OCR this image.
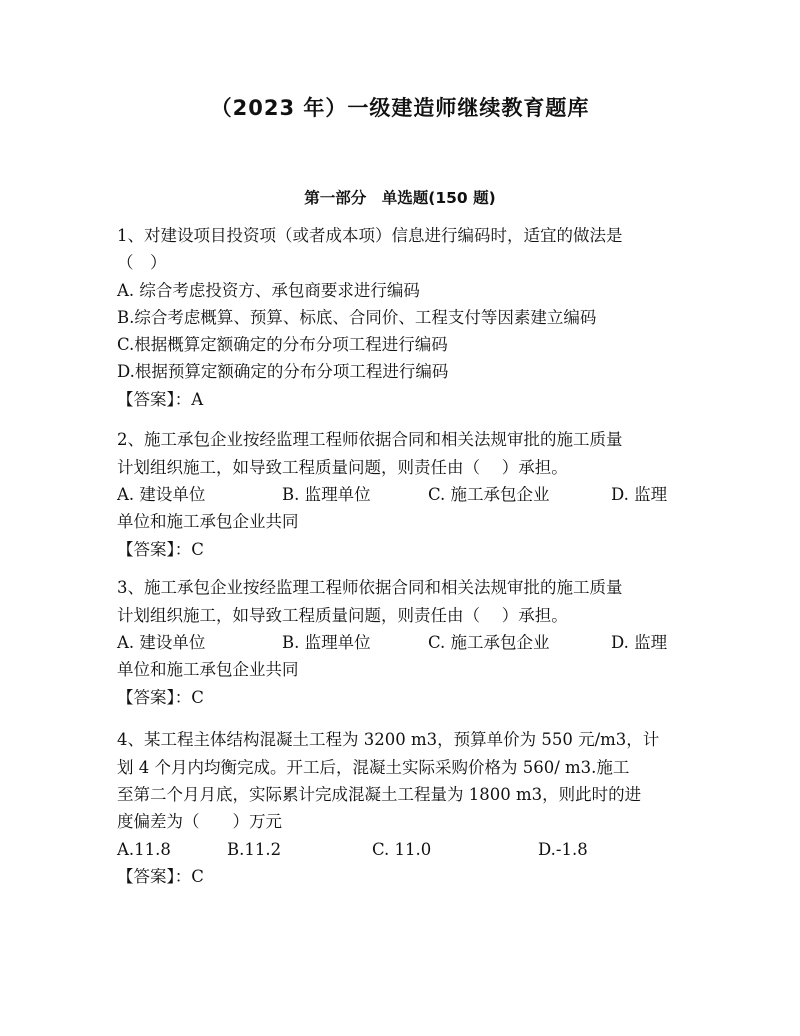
（2023 年）一级建造师继续教育题库
第一部分　单选题(150 题)
1、对建设项目投资项（或者成本项）信息进行编码时，适宜的做法是
（　）
A. 综合考虑投资方、承包商要求进行编码
B.综合考虑概算、预算、标底、合同价、工程支付等因素建立编码
C.根据概算定额确定的分布分项工程进行编码
D.根据预算定额确定的分布分项工程进行编码
【答案】：A
2、施工承包企业按经监理工程师依据合同和相关法规审批的施工质量
计划组织施工，如导致工程质量问题，则责任由（　 ）承担。
A. 建设单位	B. 监理单位	C. 施工承包企业	D. 监理
单位和施工承包企业共同
【答案】：C
3、施工承包企业按经监理工程师依据合同和相关法规审批的施工质量
计划组织施工，如导致工程质量问题，则责任由（　 ）承担。
A. 建设单位	B. 监理单位	C. 施工承包企业	D. 监理
单位和施工承包企业共同
【答案】：C
4、某工程主体结构混凝土工程为 3200 m3，预算单价为 550 元/m3，计
划 4 个月内均衡完成。开工后，混凝土实际采购价格为 560/ m3.施工
至第二个月月底，实际累计完成混凝土工程量为 1800 m3，则此时的进
度偏差为（　　）万元
A.11.8	B.11.2	C. 11.0	D.-1.8
【答案】：C
